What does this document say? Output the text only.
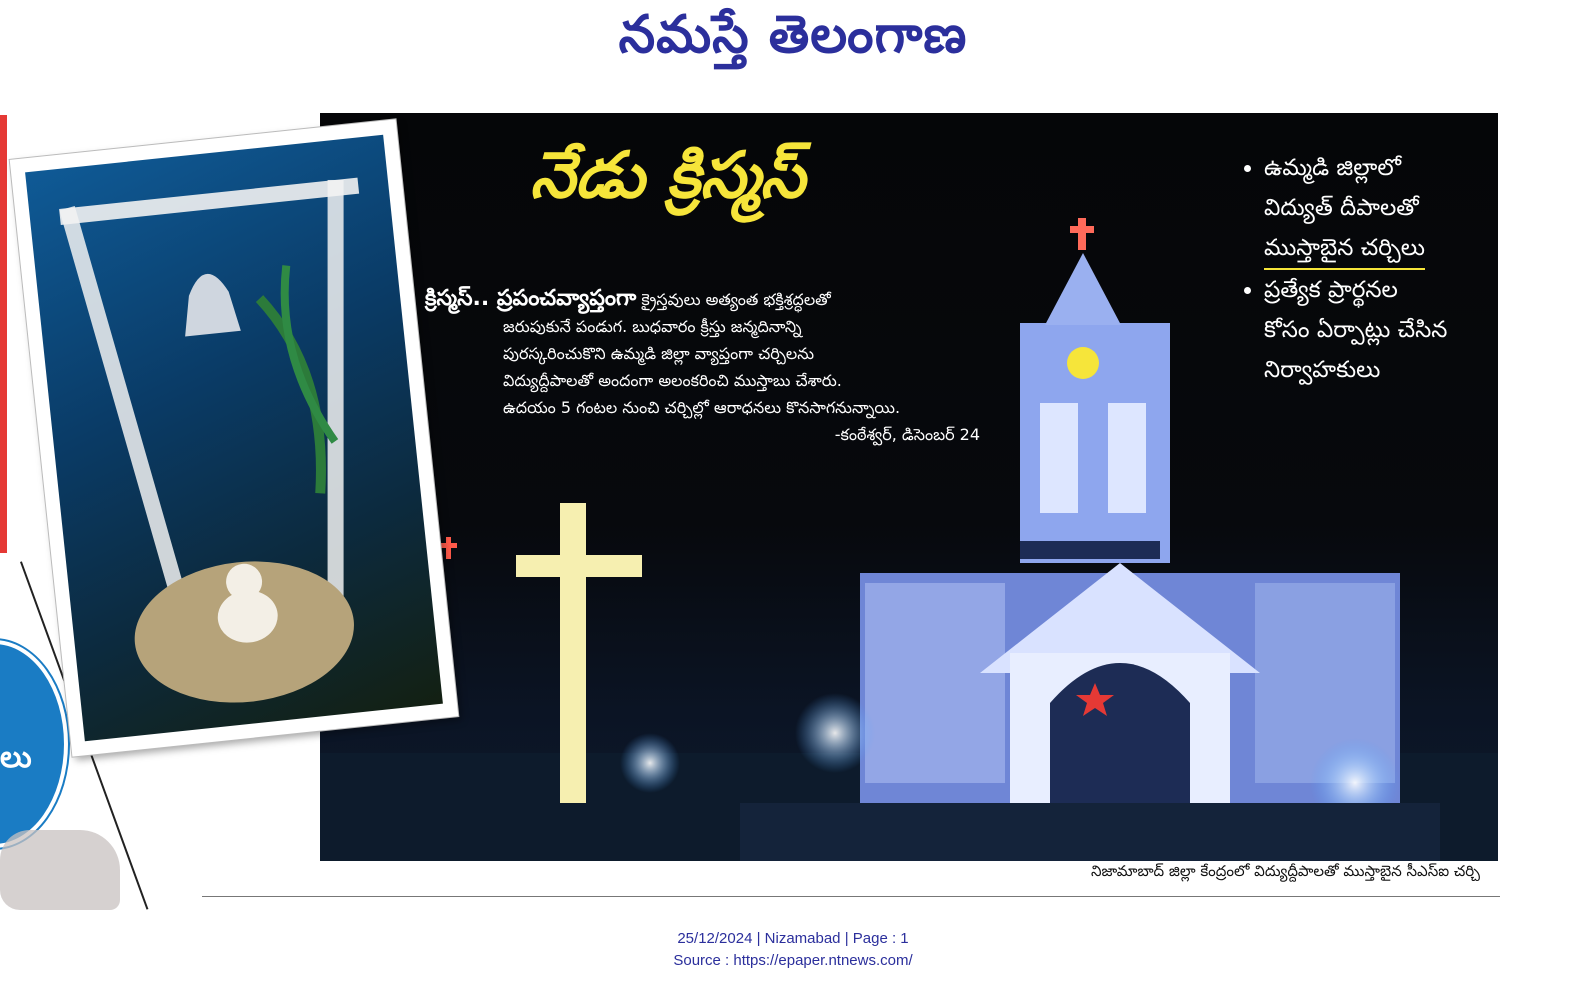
నమస్తే తెలంగాణ
లు
నేడు క్రిస్మస్
క్రిస్మస్.. ప్రపంచవ్యాప్తంగా క్రైస్తవులు అత్యంత భక్తిశ్రద్ధలతో
జరుపుకునే పండుగ. బుధవారం క్రీస్తు జన్మదినాన్ని
పురస్కరించుకొని ఉమ్మడి జిల్లా వ్యాప్తంగా చర్చిలను
విద్యుద్దీపాలతో అందంగా అలంకరించి ముస్తాబు చేశారు.
ఉదయం 5 గంటల నుంచి చర్చిల్లో ఆరాధనలు కొనసాగనున్నాయి.
-కంఠేశ్వర్, డిసెంబర్ 24
• ఉమ్మడి జిల్లాలో
విద్యుత్ దీపాలతో
ముస్తాబైన చర్చిలు
• ప్రత్యేక ప్రార్థనల
కోసం ఏర్పాట్లు చేసిన
నిర్వాహకులు
నిజామాబాద్ జిల్లా కేంద్రంలో విద్యుద్దీపాలతో ముస్తాబైన సీఎస్ఐ చర్చి
25/12/2024 | Nizamabad | Page : 1
Source : https://epaper.ntnews.com/
